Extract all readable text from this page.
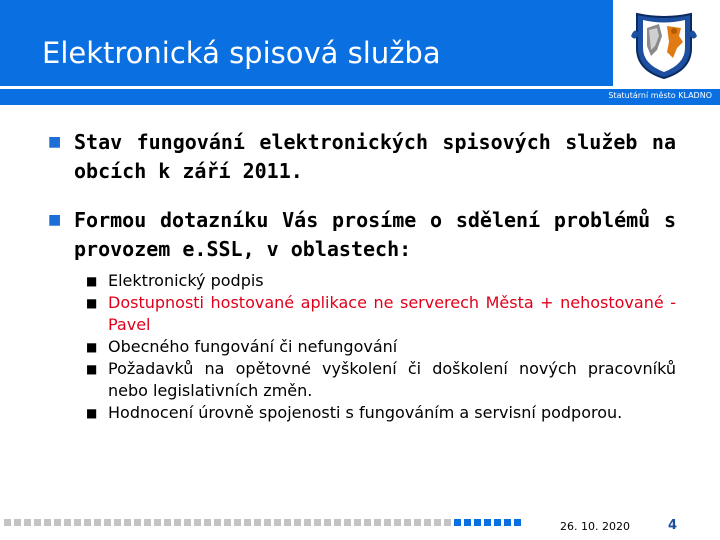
Elektronická spisová služba
Statutární město KLADNO
■ Stav fungování elektronických spisových služeb na obcích k září 2011.
■ Formou dotazníku Vás prosíme o sdělení problémů s provozem e.SSL, v oblastech:
■ Elektronický podpis
■ Dostupnosti hostované aplikace ne serverech Města + nehostované - Pavel
■ Obecného fungování či nefungování
■ Požadavků na opětovné vyškolení či doškolení nových pracovníků nebo legislativních změn.
■ Hodnocení úrovně spojenosti s fungováním a servisní podporou.
26. 10. 2020	4
